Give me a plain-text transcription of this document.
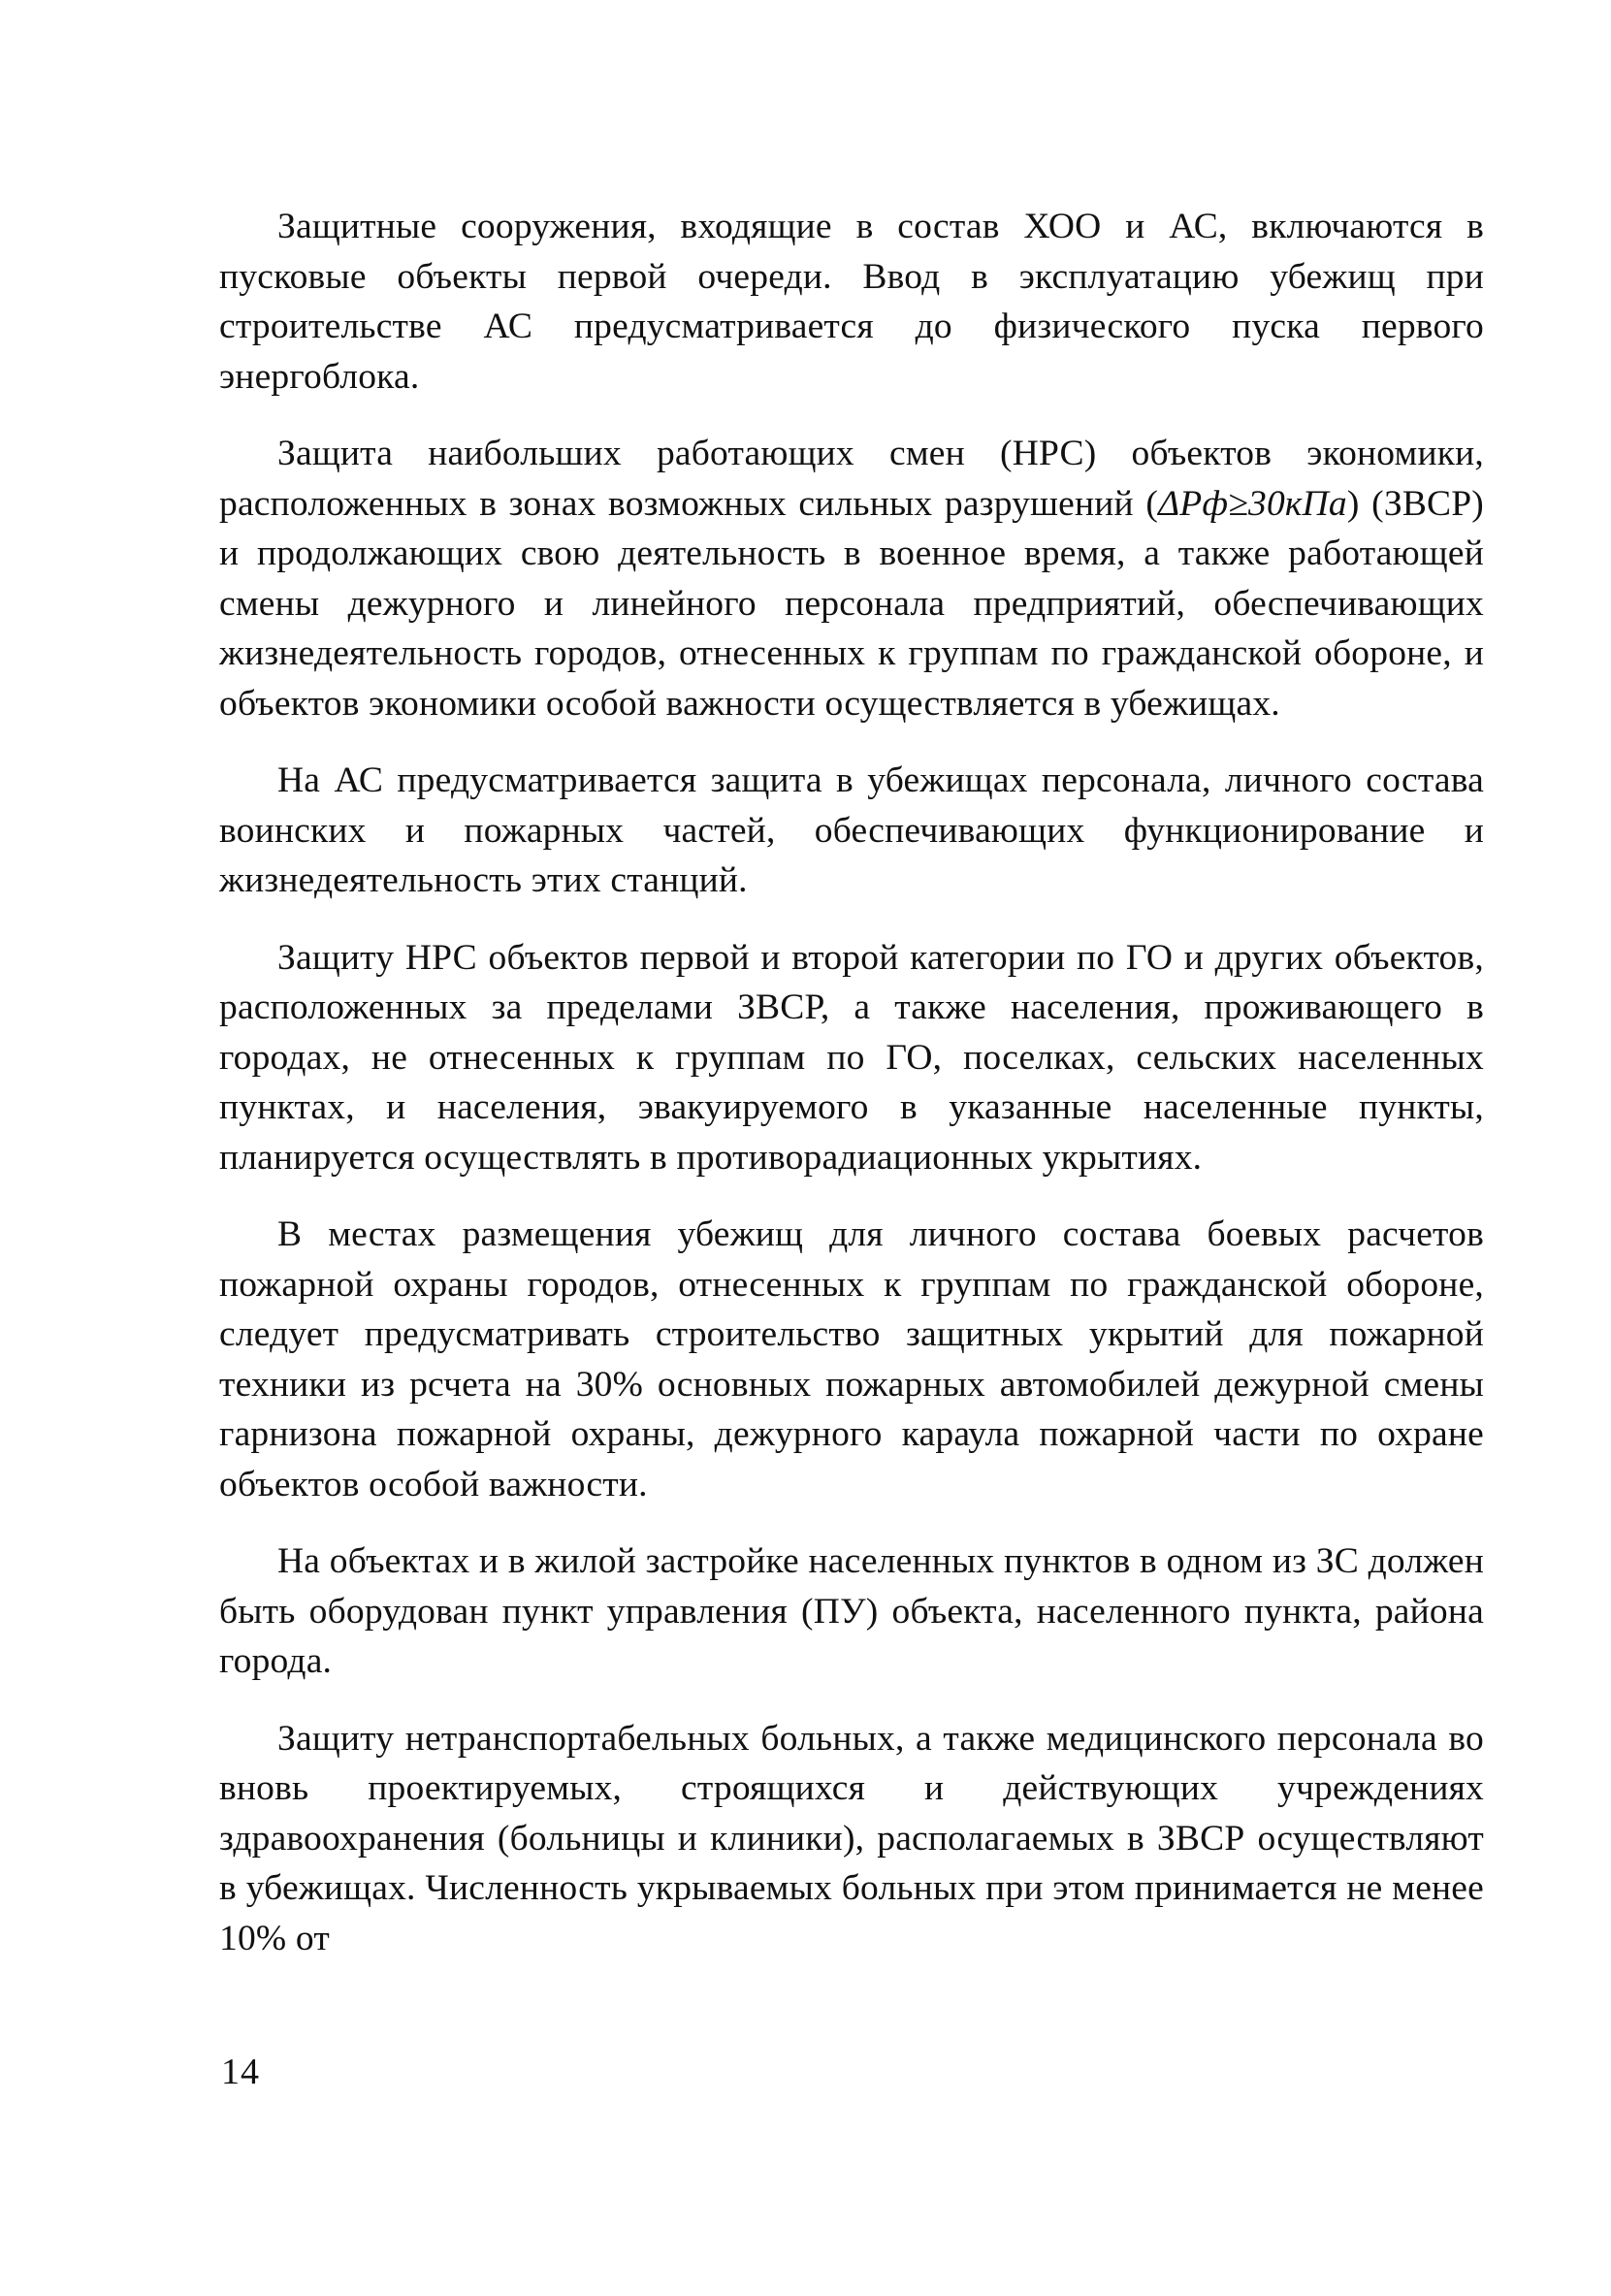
Защитные сооружения, входящие в состав ХОО и АС, включаются в пусковые объекты первой очереди. Ввод в эксплуатацию убежищ при строительстве АС предусматривается до физического пуска первого энергоблока.

Защита наибольших работающих смен (НРС) объектов экономики, расположенных в зонах возможных сильных разрушений (ΔPф≥30кПа) (ЗВСР) и продолжающих свою деятельность в военное время, а также работающей смены дежурного и линейного персонала предприятий, обеспечивающих жизнедеятельность городов, отнесенных к группам по гражданской обороне, и объектов экономики особой важности осуществляется в убежищах.

На АС предусматривается защита в убежищах персонала, личного состава воинских и пожарных частей, обеспечивающих функционирование и жизнедеятельность этих станций.

Защиту НРС объектов первой и второй категории по ГО и других объектов, расположенных за пределами ЗВСР, а также населения, проживающего в городах, не отнесенных к группам по ГО, поселках, сельских населенных пунктах, и населения, эвакуируемого в указанные населенные пункты, планируется осуществлять в противорадиационных укрытиях.

В местах размещения убежищ для личного состава боевых расчетов пожарной охраны городов, отнесенных к группам по гражданской обороне, следует предусматривать строительство защитных укрытий для пожарной техники из рсчета на 30% основных пожарных автомобилей дежурной смены гарнизона пожарной охраны, дежурного караула пожарной части по охране объектов особой важности.

На объектах и в жилой застройке населенных пунктов в одном из ЗС должен быть оборудован пункт управления (ПУ) объекта, населенного пункта, района города.

Защиту нетранспортабельных больных, а также медицинского персонала во вновь проектируемых, строящихся и действующих учреждениях здравоохранения (больницы и клиники), располагаемых в ЗВСР осуществляют в убежищах. Численность укрываемых больных при этом принимается не менее 10% от

14
